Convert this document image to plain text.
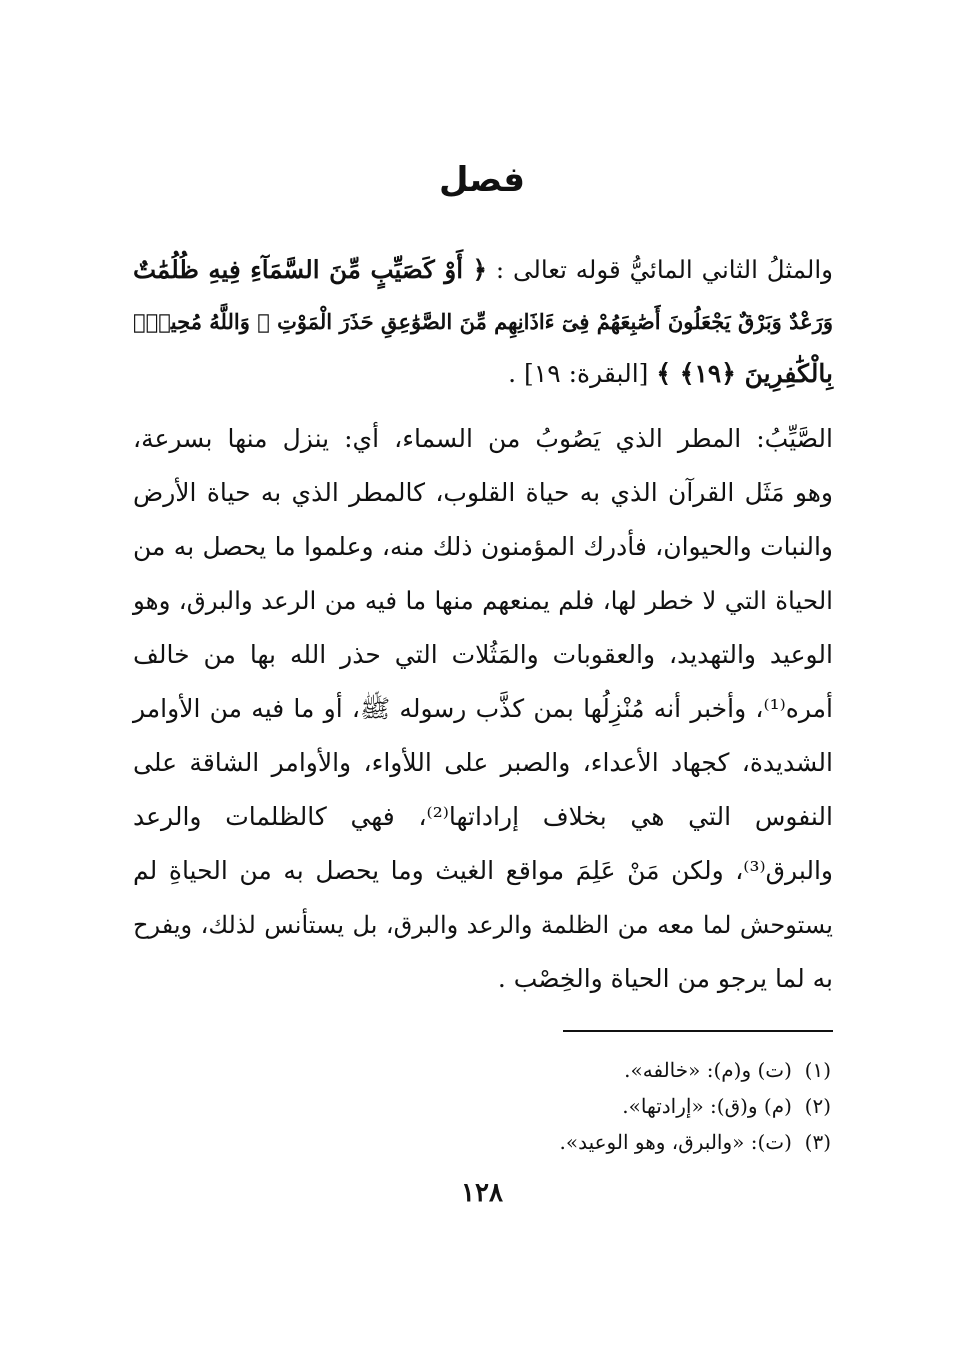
فصل
والمثلُ الثاني المائيُّ قوله تعالى : ﴿ أَوْ كَصَيِّبٍ مِّنَ السَّمَآءِ فِيهِ ظُلُمَٰتٌ
وَرَعْدٌ وَبَرْقٌ يَجْعَلُونَ أَصَٰبِعَهُمْ فِىٓ ءَاذَانِهِم مِّنَ الصَّوَٰعِقِ حَذَرَ الْمَوْتِ ۚ وَاللَّهُ مُحِيطٌۢ
بِالْكَٰفِرِينَ ﴿١٩﴾ ﴾ [البقرة: ١٩] .
الصَّيِّبُ: المطر الذي يَصُوبُ من السماء، أي: ينزل منها بسرعة،
وهو مَثَل القرآن الذي به حياة القلوب، كالمطر الذي به حياة الأرض
والنبات والحيوان، فأدرك المؤمنون ذلك منه، وعلموا ما يحصل به من
الحياة التي لا خطر لها، فلم يمنعهم منها ما فيه من الرعد والبرق، وهو
الوعيد والتهديد، والعقوبات والمَثُلات التي حذر الله بها من خالف
أمره⁽¹⁾، وأخبر أنه مُنْزِلُها بمن كذَّب رسوله ﷺ، أو ما فيه من الأوامر
الشديدة، كجهاد الأعداء، والصبر على اللأواء، والأوامر الشاقة على
النفوس التي هي بخلاف إراداتها⁽²⁾، فهي كالظلمات والرعد
والبرق⁽³⁾، ولكن مَنْ عَلِمَ مواقع الغيث وما يحصل به من الحياةِ لم
يستوحش لما معه من الظلمة والرعد والبرق، بل يستأنس لذلك، ويفرح
به لما يرجو من الحياة والخِصْب .
(١)  (ت) و(م): «خالفه».
(٢)  (م) و(ق): «إرادتها».
(٣)  (ت): «والبرق، وهو الوعيد».
١٢٨
